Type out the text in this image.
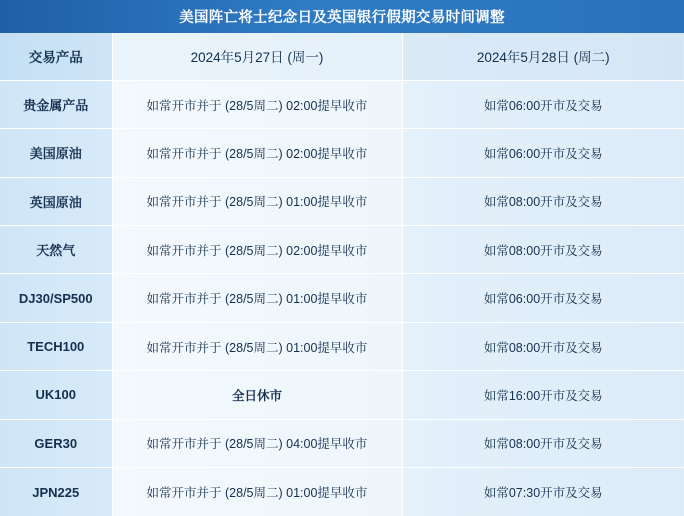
美国阵亡将士纪念日及英国银行假期交易时间调整
交易产品	2024年5月27日 (周一)	2024年5月28日 (周二)
贵金属产品	如常开市并于 (28/5周二) 02:00提早收市	如常06:00开市及交易
美国原油	如常开市并于 (28/5周二) 02:00提早收市	如常06:00开市及交易
英国原油	如常开市并于 (28/5周二) 01:00提早收市	如常08:00开市及交易
天然气	如常开市并于 (28/5周二) 02:00提早收市	如常08:00开市及交易
DJ30/SP500	如常开市并于 (28/5周二) 01:00提早收市	如常06:00开市及交易
TECH100	如常开市并于 (28/5周二) 01:00提早收市	如常08:00开市及交易
UK100	全日休市	如常16:00开市及交易
GER30	如常开市并于 (28/5周二) 04:00提早收市	如常08:00开市及交易
JPN225	如常开市并于 (28/5周二) 01:00提早收市	如常07:30开市及交易
